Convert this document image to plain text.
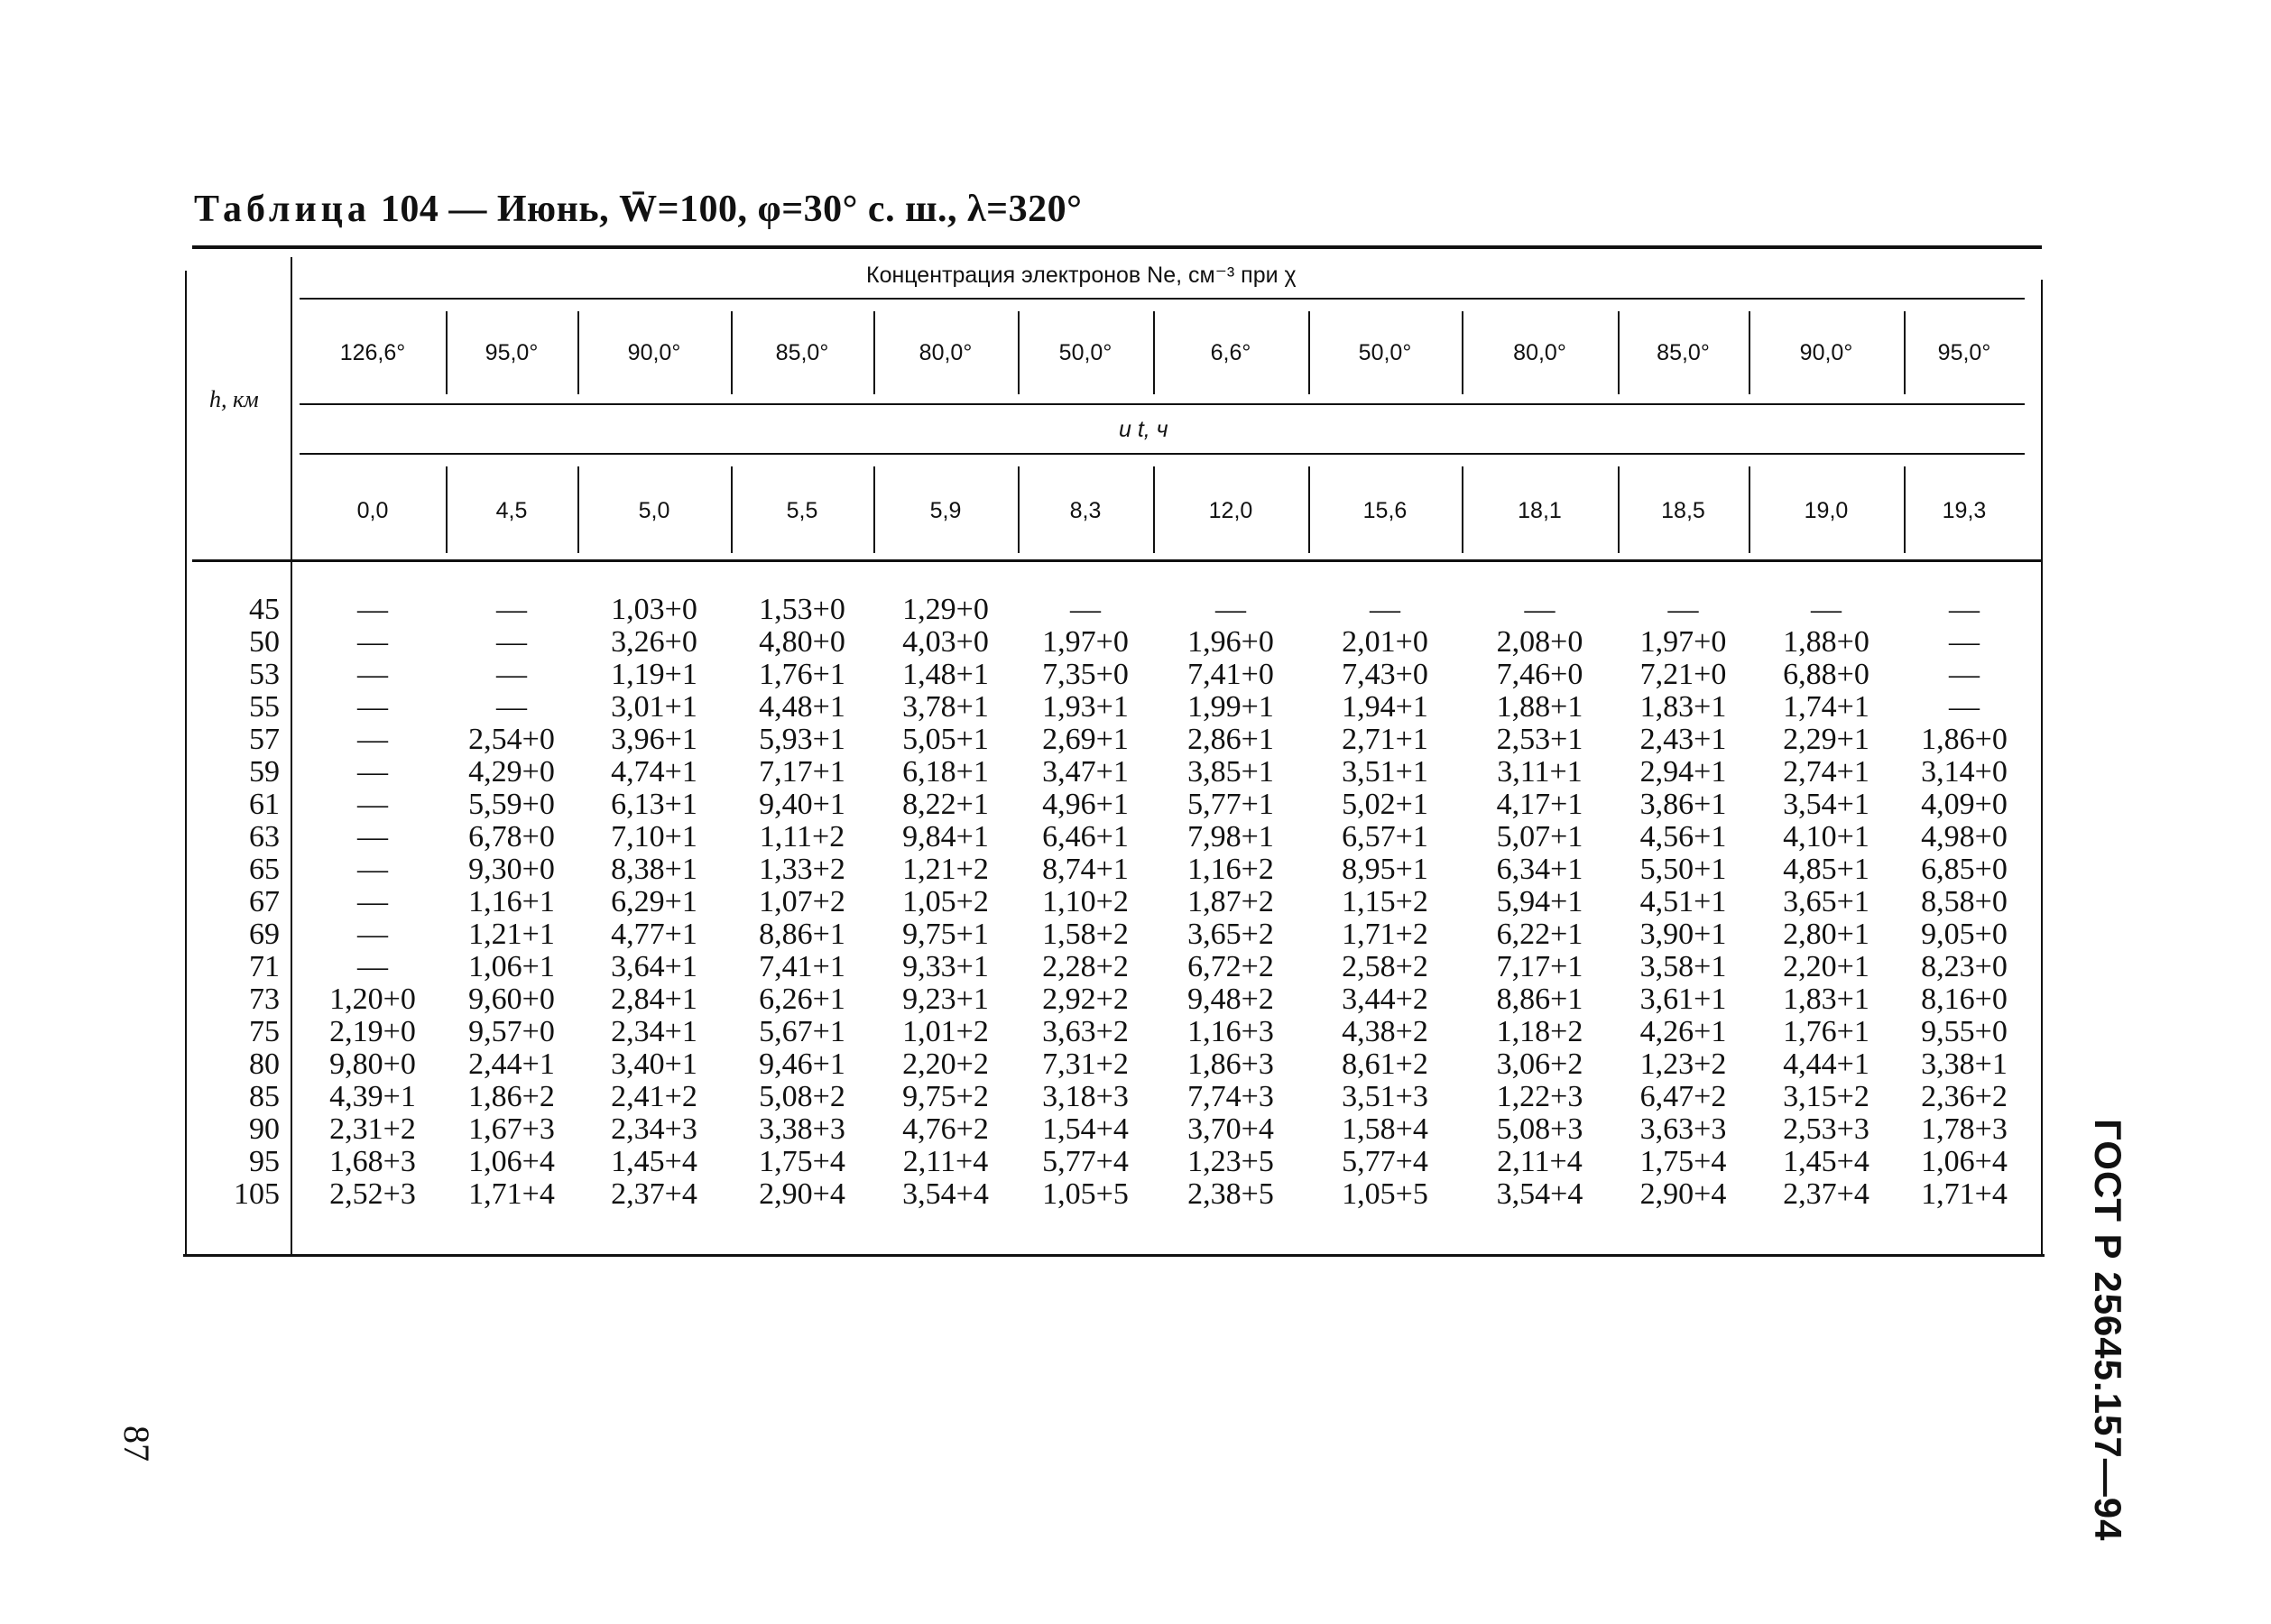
Таблица 104 — Июнь, W̄=100, φ=30° с. ш., λ=320°
h, км
Концентрация электронов Ne, см⁻³ при χ
и t, ч
126,6°	95,0°	90,0°	85,0°	80,0°	50,0°	6,6°	50,0°	80,0°	85,0°	90,0°	95,0°
0,0	4,5	5,0	5,5	5,9	8,3	12,0	15,6	18,1	18,5	19,0	19,3
45	—	—	1,03+0	1,53+0	1,29+0	—	—	—	—	—	—	—
50	—	—	3,26+0	4,80+0	4,03+0	1,97+0	1,96+0	2,01+0	2,08+0	1,97+0	1,88+0	—
53	—	—	1,19+1	1,76+1	1,48+1	7,35+0	7,41+0	7,43+0	7,46+0	7,21+0	6,88+0	—
55	—	—	3,01+1	4,48+1	3,78+1	1,93+1	1,99+1	1,94+1	1,88+1	1,83+1	1,74+1	—
57	—	2,54+0	3,96+1	5,93+1	5,05+1	2,69+1	2,86+1	2,71+1	2,53+1	2,43+1	2,29+1	1,86+0
59	—	4,29+0	4,74+1	7,17+1	6,18+1	3,47+1	3,85+1	3,51+1	3,11+1	2,94+1	2,74+1	3,14+0
61	—	5,59+0	6,13+1	9,40+1	8,22+1	4,96+1	5,77+1	5,02+1	4,17+1	3,86+1	3,54+1	4,09+0
63	—	6,78+0	7,10+1	1,11+2	9,84+1	6,46+1	7,98+1	6,57+1	5,07+1	4,56+1	4,10+1	4,98+0
65	—	9,30+0	8,38+1	1,33+2	1,21+2	8,74+1	1,16+2	8,95+1	6,34+1	5,50+1	4,85+1	6,85+0
67	—	1,16+1	6,29+1	1,07+2	1,05+2	1,10+2	1,87+2	1,15+2	5,94+1	4,51+1	3,65+1	8,58+0
69	—	1,21+1	4,77+1	8,86+1	9,75+1	1,58+2	3,65+2	1,71+2	6,22+1	3,90+1	2,80+1	9,05+0
71	—	1,06+1	3,64+1	7,41+1	9,33+1	2,28+2	6,72+2	2,58+2	7,17+1	3,58+1	2,20+1	8,23+0
73	1,20+0	9,60+0	2,84+1	6,26+1	9,23+1	2,92+2	9,48+2	3,44+2	8,86+1	3,61+1	1,83+1	8,16+0
75	2,19+0	9,57+0	2,34+1	5,67+1	1,01+2	3,63+2	1,16+3	4,38+2	1,18+2	4,26+1	1,76+1	9,55+0
80	9,80+0	2,44+1	3,40+1	9,46+1	2,20+2	7,31+2	1,86+3	8,61+2	3,06+2	1,23+2	4,44+1	3,38+1
85	4,39+1	1,86+2	2,41+2	5,08+2	9,75+2	3,18+3	7,74+3	3,51+3	1,22+3	6,47+2	3,15+2	2,36+2
90	2,31+2	1,67+3	2,34+3	3,38+3	4,76+2	1,54+4	3,70+4	1,58+4	5,08+3	3,63+3	2,53+3	1,78+3
95	1,68+3	1,06+4	1,45+4	1,75+4	2,11+4	5,77+4	1,23+5	5,77+4	2,11+4	1,75+4	1,45+4	1,06+4
105	2,52+3	1,71+4	2,37+4	2,90+4	3,54+4	1,05+5	2,38+5	1,05+5	3,54+4	2,90+4	2,37+4	1,71+4	ГОСТ Р 25645.157—94
87
